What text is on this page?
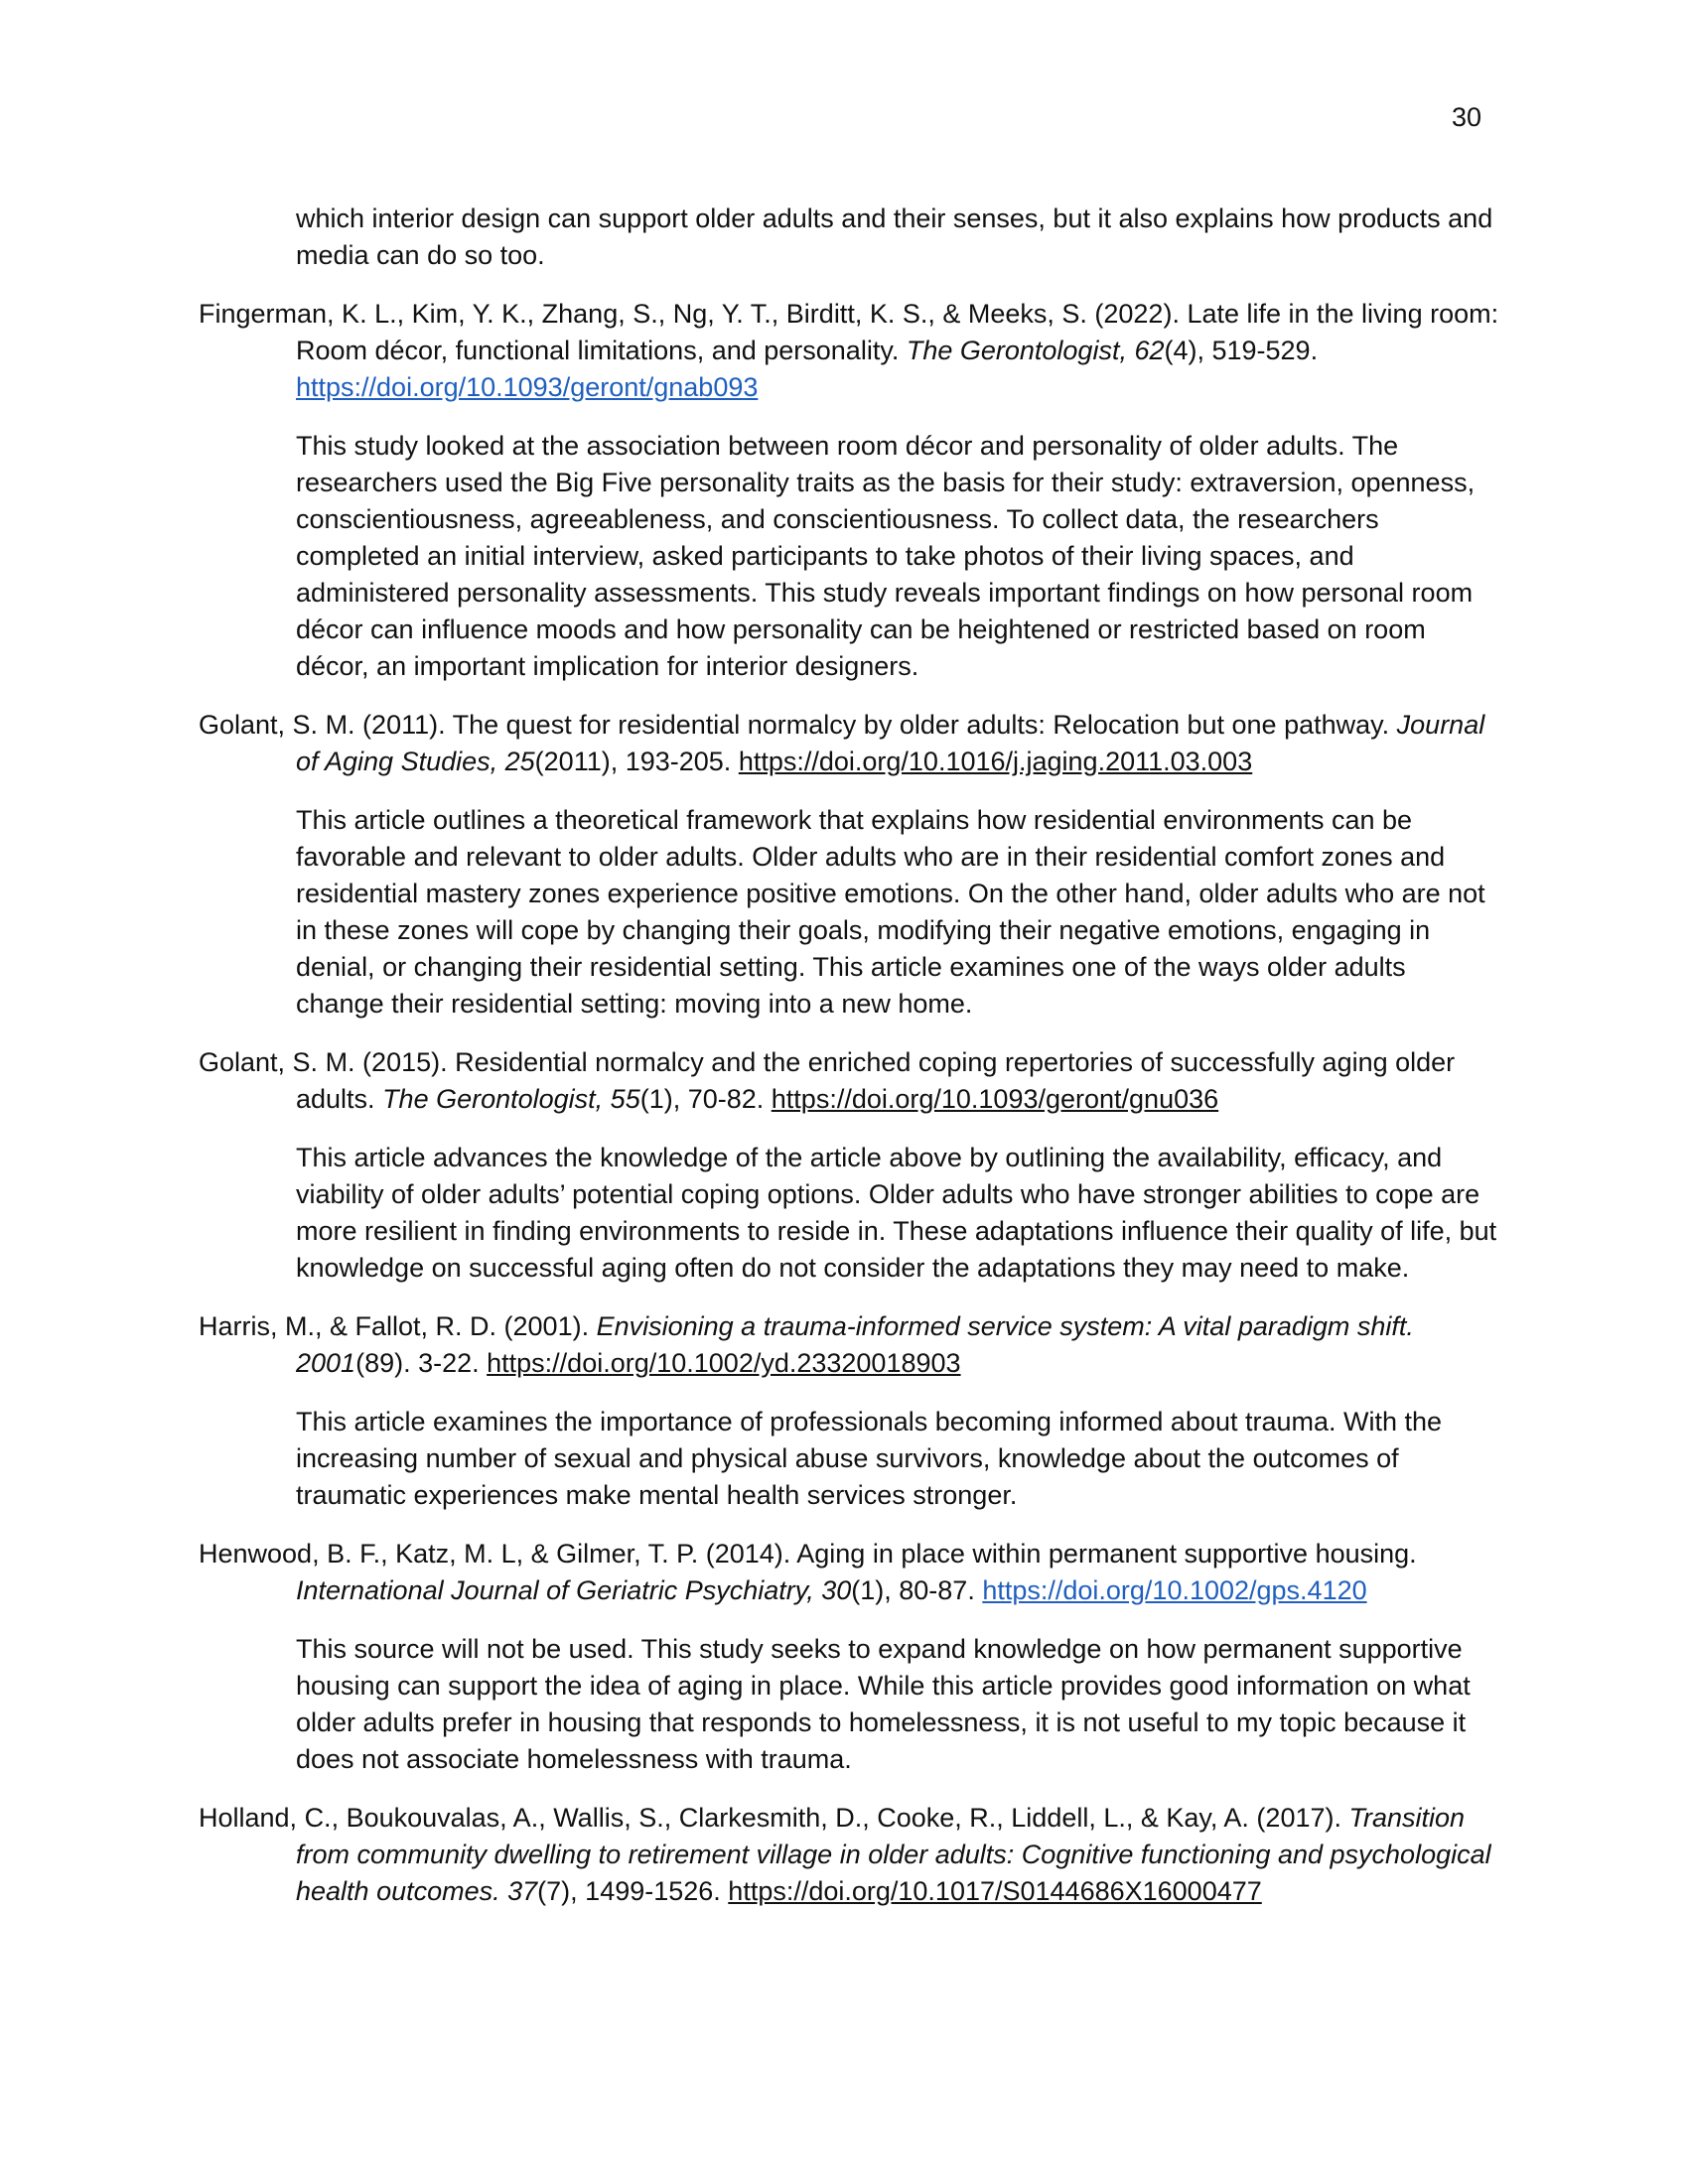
30

which interior design can support older adults and their senses, but it also explains how products and media can do so too.

Fingerman, K. L., Kim, Y. K., Zhang, S., Ng, Y. T., Birditt, K. S., & Meeks, S. (2022). Late life in the living room: Room décor, functional limitations, and personality. The Gerontologist, 62(4), 519-529. https://doi.org/10.1093/geront/gnab093

This study looked at the association between room décor and personality of older adults. The researchers used the Big Five personality traits as the basis for their study: extraversion, openness, conscientiousness, agreeableness, and conscientiousness. To collect data, the researchers completed an initial interview, asked participants to take photos of their living spaces, and administered personality assessments. This study reveals important findings on how personal room décor can influence moods and how personality can be heightened or restricted based on room décor, an important implication for interior designers.

Golant, S. M. (2011). The quest for residential normalcy by older adults: Relocation but one pathway. Journal of Aging Studies, 25(2011), 193-205. https://doi.org/10.1016/j.jaging.2011.03.003

This article outlines a theoretical framework that explains how residential environments can be favorable and relevant to older adults. Older adults who are in their residential comfort zones and residential mastery zones experience positive emotions. On the other hand, older adults who are not in these zones will cope by changing their goals, modifying their negative emotions, engaging in denial, or changing their residential setting. This article examines one of the ways older adults change their residential setting: moving into a new home.

Golant, S. M. (2015). Residential normalcy and the enriched coping repertories of successfully aging older adults. The Gerontologist, 55(1), 70-82. https://doi.org/10.1093/geront/gnu036

This article advances the knowledge of the article above by outlining the availability, efficacy, and viability of older adults’ potential coping options. Older adults who have stronger abilities to cope are more resilient in finding environments to reside in. These adaptations influence their quality of life, but knowledge on successful aging often do not consider the adaptations they may need to make.

Harris, M., & Fallot, R. D. (2001). Envisioning a trauma-informed service system: A vital paradigm shift. 2001(89). 3-22. https://doi.org/10.1002/yd.23320018903

This article examines the importance of professionals becoming informed about trauma. With the increasing number of sexual and physical abuse survivors, knowledge about the outcomes of traumatic experiences make mental health services stronger.

Henwood, B. F., Katz, M. L, & Gilmer, T. P. (2014). Aging in place within permanent supportive housing. International Journal of Geriatric Psychiatry, 30(1), 80-87. https://doi.org/10.1002/gps.4120

This source will not be used. This study seeks to expand knowledge on how permanent supportive housing can support the idea of aging in place. While this article provides good information on what older adults prefer in housing that responds to homelessness, it is not useful to my topic because it does not associate homelessness with trauma.

Holland, C., Boukouvalas, A., Wallis, S., Clarkesmith, D., Cooke, R., Liddell, L., & Kay, A. (2017). Transition from community dwelling to retirement village in older adults: Cognitive functioning and psychological health outcomes. 37(7), 1499-1526. https://doi.org/10.1017/S0144686X16000477
